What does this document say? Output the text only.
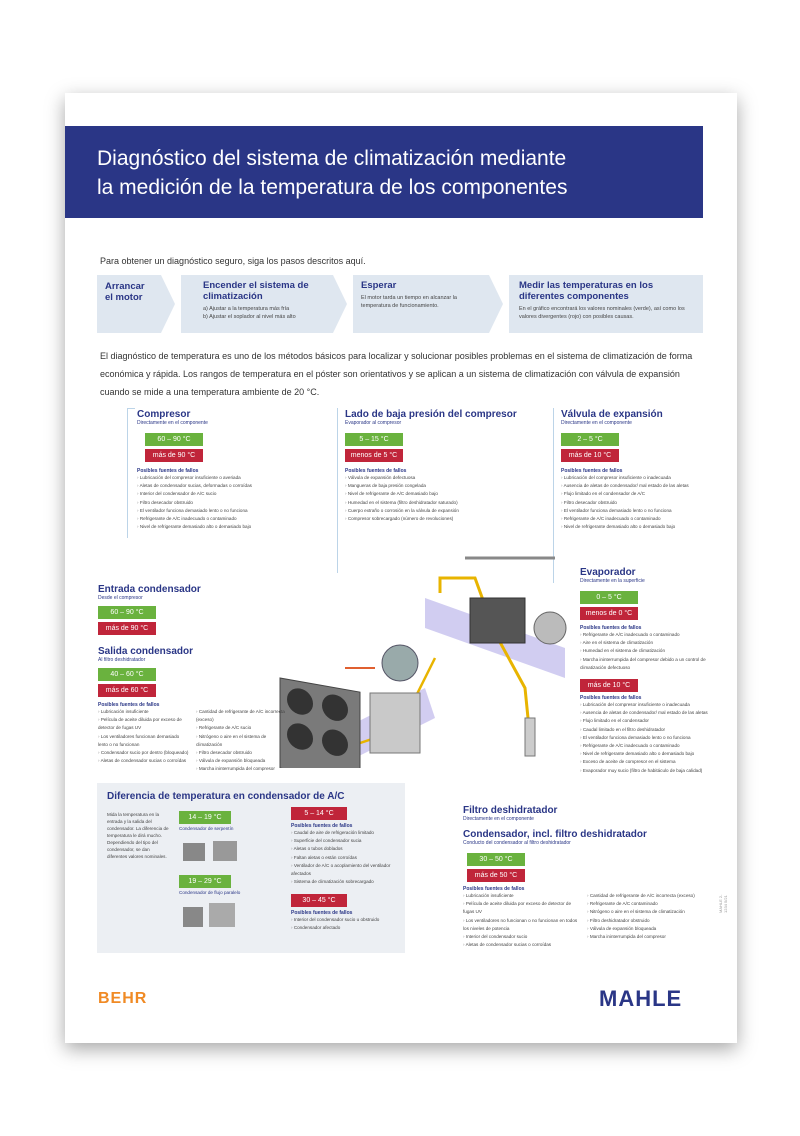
Diagnóstico del sistema de climatización mediante
la medición de la temperatura de los componentes
Para obtener un diagnóstico seguro, siga los pasos descritos aquí.
Arrancar el motor
Encender el sistema de climatización
a) Ajustar a la temperatura más fría
b) Ajustar el soplador al nivel más alto
Esperar
El motor tarda un tiempo en alcanzar la temperatura de funcionamiento.
Medir las temperaturas en los diferentes componentes
En el gráfico encontrará los valores nominales (verde), así como los valores divergentes (rojo) con posibles causas.
El diagnóstico de temperatura es uno de los métodos básicos para localizar y solucionar posibles problemas en el sistema de climatización de forma económica y rápida. Los rangos de temperatura en el póster son orientativos y se aplican a un sistema de climatización con válvula de expansión cuando se mide a una temperatura ambiente de 20 °C.
Compresor
Directamente en el componente
60 – 90 °C
más de 90 °C
Posibles fuentes de fallos
› Lubricación del compresor insuficiente o averiada
› Aletas de condensador sucias, deformadas o corroídas
› Interior del condensador de A/C sucio
› Filtro desecador obstruido
› El ventilador funciona demasiado lento o no funciona
› Refrigerante de A/C inadecuado o contaminado
› Nivel de refrigerante demasiado alto o demasiado bajo
Lado de baja presión del compresor
Evaporador al compresor
5 – 15 °C
menos de 5 °C
Posibles fuentes de fallos
› Válvula de expansión defectuosa
› Mangueras de baja presión congelada
› Nivel de refrigerante de A/C demasiado bajo
› Humedad en el sistema (filtro deshidratador saturado)
› Cuerpo extraño o corrosión en la válvula de expansión
› Compresor sobrecargado (número de revoluciones)
Válvula de expansión
Directamente en el componente
2 – 5 °C
más de 10 °C
Posibles fuentes de fallos
› Lubricación del compresor insuficiente o inadecuada
› Ausencia de aletas de condensador/ mal estado de las aletas
› Flujo limitado en el condensador de A/C
› Filtro desecador obstruido
› El ventilador funciona demasiado lento o no funciona
› Refrigerante de A/C inadecuado o contaminado
› Nivel de refrigerante demasiado alto o demasiado bajo
Entrada condensador
Desde el compresor
60 – 90 °C
más de 90 °C
Salida condensador
Al filtro deshidratador
40 – 60 °C
más de 60 °C
Posibles fuentes de fallos
› Lubricación insuficiente
› Película de aceite diluida por exceso de detector de fugas UV
› Los ventiladores funcionan demasiado lento o no funcionan
› Condensador sucio por dentro (bloqueado)
› Aletas de condensador sucias o corroídas
› Cantidad de refrigerante de A/C incorrecta (exceso)
› Refrigerante de A/C sucio
› Nitrógeno o aire en el sistema de climatización
› Filtro desecador obstruido
› Válvula de expansión bloqueada
› Marcha ininterrumpida del compresor
Evaporador
Directamente en la superficie
0 – 5 °C
menos de 0 °C
Posibles fuentes de fallos
› Refrigerante de A/C inadecuado o contaminado
› Aire en el sistema de climatización
› Humedad en el sistema de climatización
› Marcha ininterrumpida del compresor debido a un control de climatización defectuoso
más de 10 °C
Posibles fuentes de fallos
› Lubricación del compresor insuficiente o inadecuada
› Ausencia de aletas de condensador/ mal estado de las aletas
› Flujo limitado en el condensador
› Caudal limitado en el filtro deshidratador
› El ventilador funciona demasiado lento o no funciona
› Refrigerante de A/C inadecuado o contaminado
› Nivel de refrigerante demasiado alto o demasiado bajo
› Exceso de aceite de compresor en el sistema
› Evaporador muy sucio (filtro de habitáculo de baja calidad)
Filtro deshidratador
Directamente en el componente
Condensador, incl. filtro deshidratador
Conducto del condensador al filtro deshidratador
30 – 50 °C
más de 50 °C
Posibles fuentes de fallos
› Lubricación insuficiente
› Película de aceite diluida por exceso de detector de fugas UV
› Los ventiladores no funcionan o no funcionan en todos los niveles de potencia
› Interior del condensador sucio
› Aletas de condensador sucias o corroídas
› Cantidad de refrigerante de A/C incorrecta (exceso)
› Refrigerante de A/C contaminado
› Nitrógeno o aire en el sistema de climatización
› Filtro deshidratador obstruido
› Válvula de expansión bloqueada
› Marcha ininterrumpida del compresor
Diferencia de temperatura en condensador de A/C
Mida la temperatura en la entrada y la salida del condensador. La diferencia de temperatura le dirá mucho. Dependiendo del tipo del condensador, se dan diferentes valores nominales.
14 – 19 °C
Condensador de serpentín
19 – 29 °C
Condensador de flujo paralelo
5 – 14 °C
Posibles fuentes de fallos
› Caudal de aire de refrigeración limitado
› Superficie del condensador sucia
› Aletas o tubos doblados
› Faltan aletas o están corroídas
› Ventilador de A/C o acoplamiento del ventilador afectados
› Sistema de climatización sobrecargado
30 – 45 °C
Posibles fuentes de fallos
› Interior del condensador sucio u obstruido
› Condensador afectado
MAHLE 2-1234 5/21
BEHR	MAHLE
